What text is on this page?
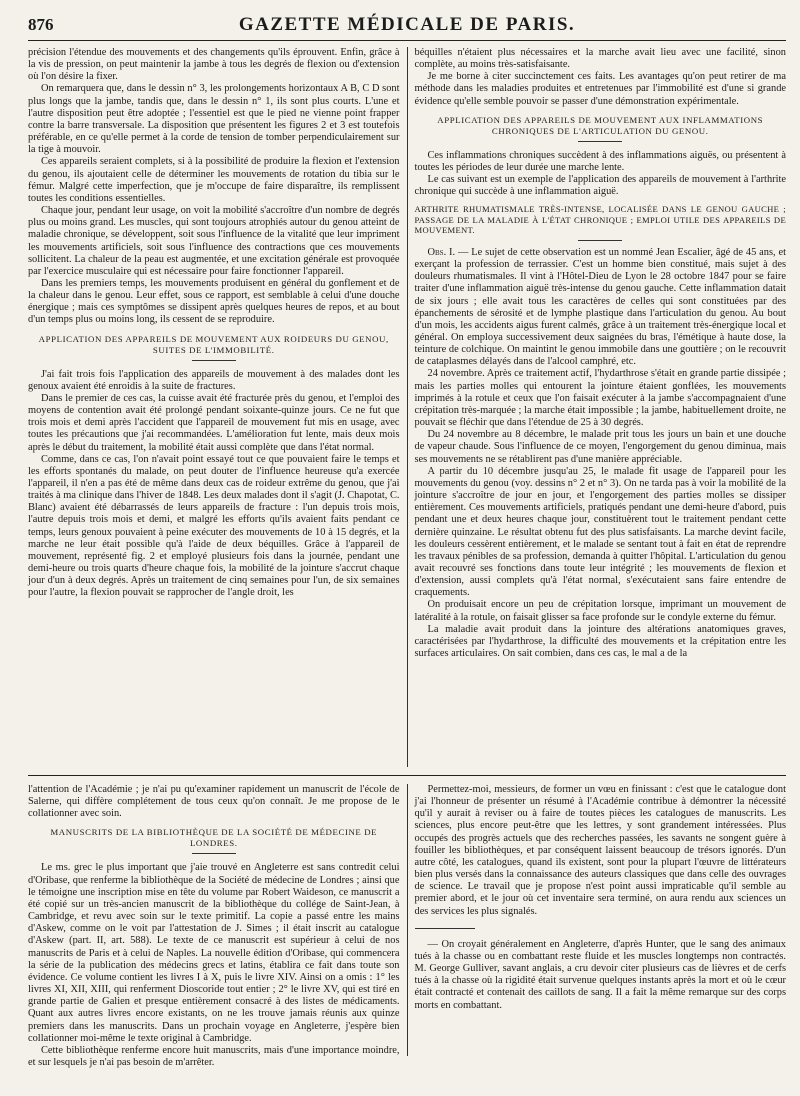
876	GAZETTE MÉDICALE DE PARIS.

précision l'étendue des mouvements et des changements qu'ils éprouvent. Enfin, grâce à la vis de pression, on peut maintenir la jambe à tous les degrés de flexion ou d'extension où l'on désire la fixer.

On remarquera que, dans le dessin n° 3, les prolongements horizontaux A B, C D sont plus longs que la jambe, tandis que, dans le dessin n° 1, ils sont plus courts. L'une et l'autre disposition peut être adoptée ; l'essentiel est que le pied ne vienne point frapper contre la barre transversale. La disposition que présentent les figures 2 et 3 est toutefois préférable, en ce qu'elle permet à la corde de tension de tomber perpendiculairement sur la tige à mouvoir.

Ces appareils seraient complets, si à la possibilité de produire la flexion et l'extension du genou, ils ajoutaient celle de déterminer les mouvements de rotation du tibia sur le fémur. Malgré cette imperfection, que je m'occupe de faire disparaître, ils remplissent toutes les conditions essentielles.

Chaque jour, pendant leur usage, on voit la mobilité s'accroître d'un nombre de degrés plus ou moins grand. Les muscles, qui sont toujours atrophiés autour du genou atteint de maladie chronique, se développent, soit sous l'influence de la vitalité que leur impriment les mouvements artificiels, soit sous l'influence des contractions que ces mouvements sollicitent. La chaleur de la peau est augmentée, et une excitation générale est provoquée par l'exercice musculaire qui est nécessaire pour faire fonctionner l'appareil.

Dans les premiers temps, les mouvements produisent en général du gonflement et de la chaleur dans le genou. Leur effet, sous ce rapport, est semblable à celui d'une douche énergique ; mais ces symptômes se dissipent après quelques heures de repos, et au bout d'un temps plus ou moins long, ils cessent de se reproduire.

APPLICATION DES APPAREILS DE MOUVEMENT AUX ROIDEURS DU GENOU, SUITES DE L'IMMOBILITÉ.

J'ai fait trois fois l'application des appareils de mouvement à des malades dont les genoux avaient été enroidis à la suite de fractures.

Dans le premier de ces cas, la cuisse avait été fracturée près du genou, et l'emploi des moyens de contention avait été prolongé pendant soixante-quinze jours. Ce ne fut que trois mois et demi après l'accident que l'appareil de mouvement fut mis en usage, avec toutes les précautions que j'ai recommandées. L'amélioration fut lente, mais deux mois après le début du traitement, la mobilité était aussi complète que dans l'état normal.

Comme, dans ce cas, l'on n'avait point essayé tout ce que pouvaient faire le temps et les efforts spontanés du malade, on peut douter de l'influence heureuse qu'a exercée l'appareil, il n'en a pas été de même dans deux cas de roideur extrême du genou, que j'ai traités à ma clinique dans l'hiver de 1848. Les deux malades dont il s'agit (J. Chapotat, C. Blanc) avaient été débarrassés de leurs appareils de fracture : l'un depuis trois mois, l'autre depuis trois mois et demi, et malgré les efforts qu'ils avaient faits pendant ce temps, leurs genoux pouvaient à peine exécuter des mouvements de 10 à 15 degrés, et la marche ne leur était possible qu'à l'aide de deux béquilles. Grâce à l'appareil de mouvement, représenté fig. 2 et employé plusieurs fois dans la journée, pendant une demi-heure ou trois quarts d'heure chaque fois, la mobilité de la jointure s'accrut chaque jour d'un à deux degrés. Après un traitement de cinq semaines pour l'un, de six semaines pour l'autre, la flexion pouvait se rapprocher de l'angle droit, les

béquilles n'étaient plus nécessaires et la marche avait lieu avec une facilité, sinon complète, au moins très-satisfaisante.

Je me borne à citer succinctement ces faits. Les avantages qu'on peut retirer de ma méthode dans les maladies produites et entretenues par l'immobilité est d'une si grande évidence qu'elle semble pouvoir se passer d'une démonstration expérimentale.

APPLICATION DES APPAREILS DE MOUVEMENT AUX INFLAMMATIONS CHRONIQUES DE L'ARTICULATION DU GENOU.

Ces inflammations chroniques succèdent à des inflammations aiguës, ou présentent à toutes les périodes de leur durée une marche lente.

Le cas suivant est un exemple de l'application des appareils de mouvement à l'arthrite chronique qui succède à une inflammation aiguë.

ARTHRITE RHUMATISMALE TRÈS-INTENSE, LOCALISÉE DANS LE GENOU GAUCHE ; PASSAGE DE LA MALADIE À L'ÉTAT CHRONIQUE ; EMPLOI UTILE DES APPAREILS DE MOUVEMENT.

Obs. I. — Le sujet de cette observation est un nommé Jean Escalier, âgé de 45 ans, et exerçant la profession de terrassier. C'est un homme bien constitué, mais sujet à des douleurs rhumatismales. Il vint à l'Hôtel-Dieu de Lyon le 28 octobre 1847 pour se faire traiter d'une inflammation aiguë très-intense du genou gauche. Cette inflammation datait de six jours ; elle avait tous les caractères de celles qui sont constituées par des épanchements de sérosité et de lymphe plastique dans l'articulation du genou. Au bout d'un mois, les accidents aigus furent calmés, grâce à un traitement très-énergique local et général. On employa successivement deux saignées du bras, l'émétique à haute dose, la teinture de colchique. On maintint le genou immobile dans une gouttière ; on le recouvrit de cataplasmes délayés dans de l'alcool camphré, etc.

24 novembre. Après ce traitement actif, l'hydarthrose s'était en grande partie dissipée ; mais les parties molles qui entourent la jointure étaient gonflées, les mouvements imprimés à la rotule et ceux que l'on faisait exécuter à la jambe s'accompagnaient d'une crépitation très-marquée ; la marche était impossible ; la jambe, habituellement droite, ne pouvait se fléchir que dans l'étendue de 25 à 30 degrés.

Du 24 novembre au 8 décembre, le malade prit tous les jours un bain et une douche de vapeur chaude. Sous l'influence de ce moyen, l'engorgement du genou diminua, mais ses mouvements ne se rétablirent pas d'une manière appréciable.

A partir du 10 décembre jusqu'au 25, le malade fit usage de l'appareil pour les mouvements du genou (voy. dessins n° 2 et n° 3). On ne tarda pas à voir la mobilité de la jointure s'accroître de jour en jour, et l'engorgement des parties molles se dissiper entièrement. Ces mouvements artificiels, pratiqués pendant une demi-heure d'abord, puis pendant une et deux heures chaque jour, constituèrent tout le traitement pendant cette dernière quinzaine. Le résultat obtenu fut des plus satisfaisants. La marche devint facile, les douleurs cessèrent entièrement, et le malade se sentant tout à fait en état de reprendre les travaux pénibles de sa profession, demanda à quitter l'hôpital. L'articulation du genou avait recouvré ses fonctions dans toute leur intégrité ; les mouvements de flexion et d'extension, aussi complets qu'à l'état normal, s'exécutaient sans faire entendre de craquements.

On produisait encore un peu de crépitation lorsque, imprimant un mouvement de latéralité à la rotule, on faisait glisser sa face profonde sur le condyle externe du fémur.

La maladie avait produit dans la jointure des altérations anatomiques graves, caractérisées par l'hydarthrose, la difficulté des mouvements et la crépitation entre les surfaces articulaires. On sait combien, dans ces cas, le mal a de la

l'attention de l'Académie ; je n'ai pu qu'examiner rapidement un manuscrit de l'école de Salerne, qui diffère complétement de tous ceux qu'on connaît. Je me propose de le collationner avec soin.

MANUSCRITS DE LA BIBLIOTHÈQUE DE LA SOCIÉTÉ DE MÉDECINE DE LONDRES.

Le ms. grec le plus important que j'aie trouvé en Angleterre est sans contredit celui d'Oribase, que renferme la bibliothèque de la Société de médecine de Londres ; ainsi que le témoigne une inscription mise en tête du volume par Robert Waideson, ce manuscrit a été copié sur un très-ancien manuscrit de la bibliothèque du collége de Saint-Jean, à Cambridge, et revu avec soin sur le texte primitif. La copie a passé entre les mains d'Askew, comme on le voit par l'attestation de J. Simes ; il était inscrit au catalogue d'Askew (part. II, art. 588). Le texte de ce manuscrit est supérieur à celui de nos manuscrits de Paris et à celui de Naples. La nouvelle édition d'Oribase, qui commencera la série de la publication des médecins grecs et latins, établira ce fait dans toute son évidence. Ce volume contient les livres I à X, puis le livre XIV. Ainsi on a omis : 1° les livres XI, XII, XIII, qui renferment Dioscoride tout entier ; 2° le livre XV, qui est tiré en grande partie de Galien et presque entièrement consacré à des listes de médicaments. Quant aux autres livres encore existants, on ne les trouve jamais réunis aux quinze premiers dans les manuscrits. Dans un prochain voyage en Angleterre, j'espère bien collationner moi-même le texte original à Cambridge.

Cette bibliothèque renferme encore huit manuscrits, mais d'une importance moindre, et sur lesquels je n'ai pas besoin de m'arrêter.

Permettez-moi, messieurs, de former un vœu en finissant : c'est que le catalogue dont j'ai l'honneur de présenter un résumé à l'Académie contribue à démontrer la nécessité qu'il y aurait à reviser ou à faire de toutes pièces les catalogues de manuscrits. Les sciences, plus encore peut-être que les lettres, y sont grandement intéressées. Plus occupés des progrès actuels que des recherches passées, les savants ne songent guère à fouiller les bibliothèques, et par conséquent laissent beaucoup de trésors ignorés. D'un autre côté, les catalogues, quand ils existent, sont pour la plupart l'œuvre de littérateurs bien plus versés dans la connaissance des auteurs classiques que dans celle des ouvrages de science. Le travail que je propose n'est point aussi impraticable qu'il semble au premier abord, et le jour où cet inventaire sera terminé, on aura rendu aux sciences un des services les plus signalés.

— On croyait généralement en Angleterre, d'après Hunter, que le sang des animaux tués à la chasse ou en combattant reste fluide et les muscles longtemps non contractés. M. George Gulliver, savant anglais, a cru devoir citer plusieurs cas de lièvres et de cerfs tués à la chasse où la rigidité était survenue quelques instants après la mort et où le cœur était contracté et contenait des caillots de sang. Il a fait la même remarque sur des corps morts en combattant.
